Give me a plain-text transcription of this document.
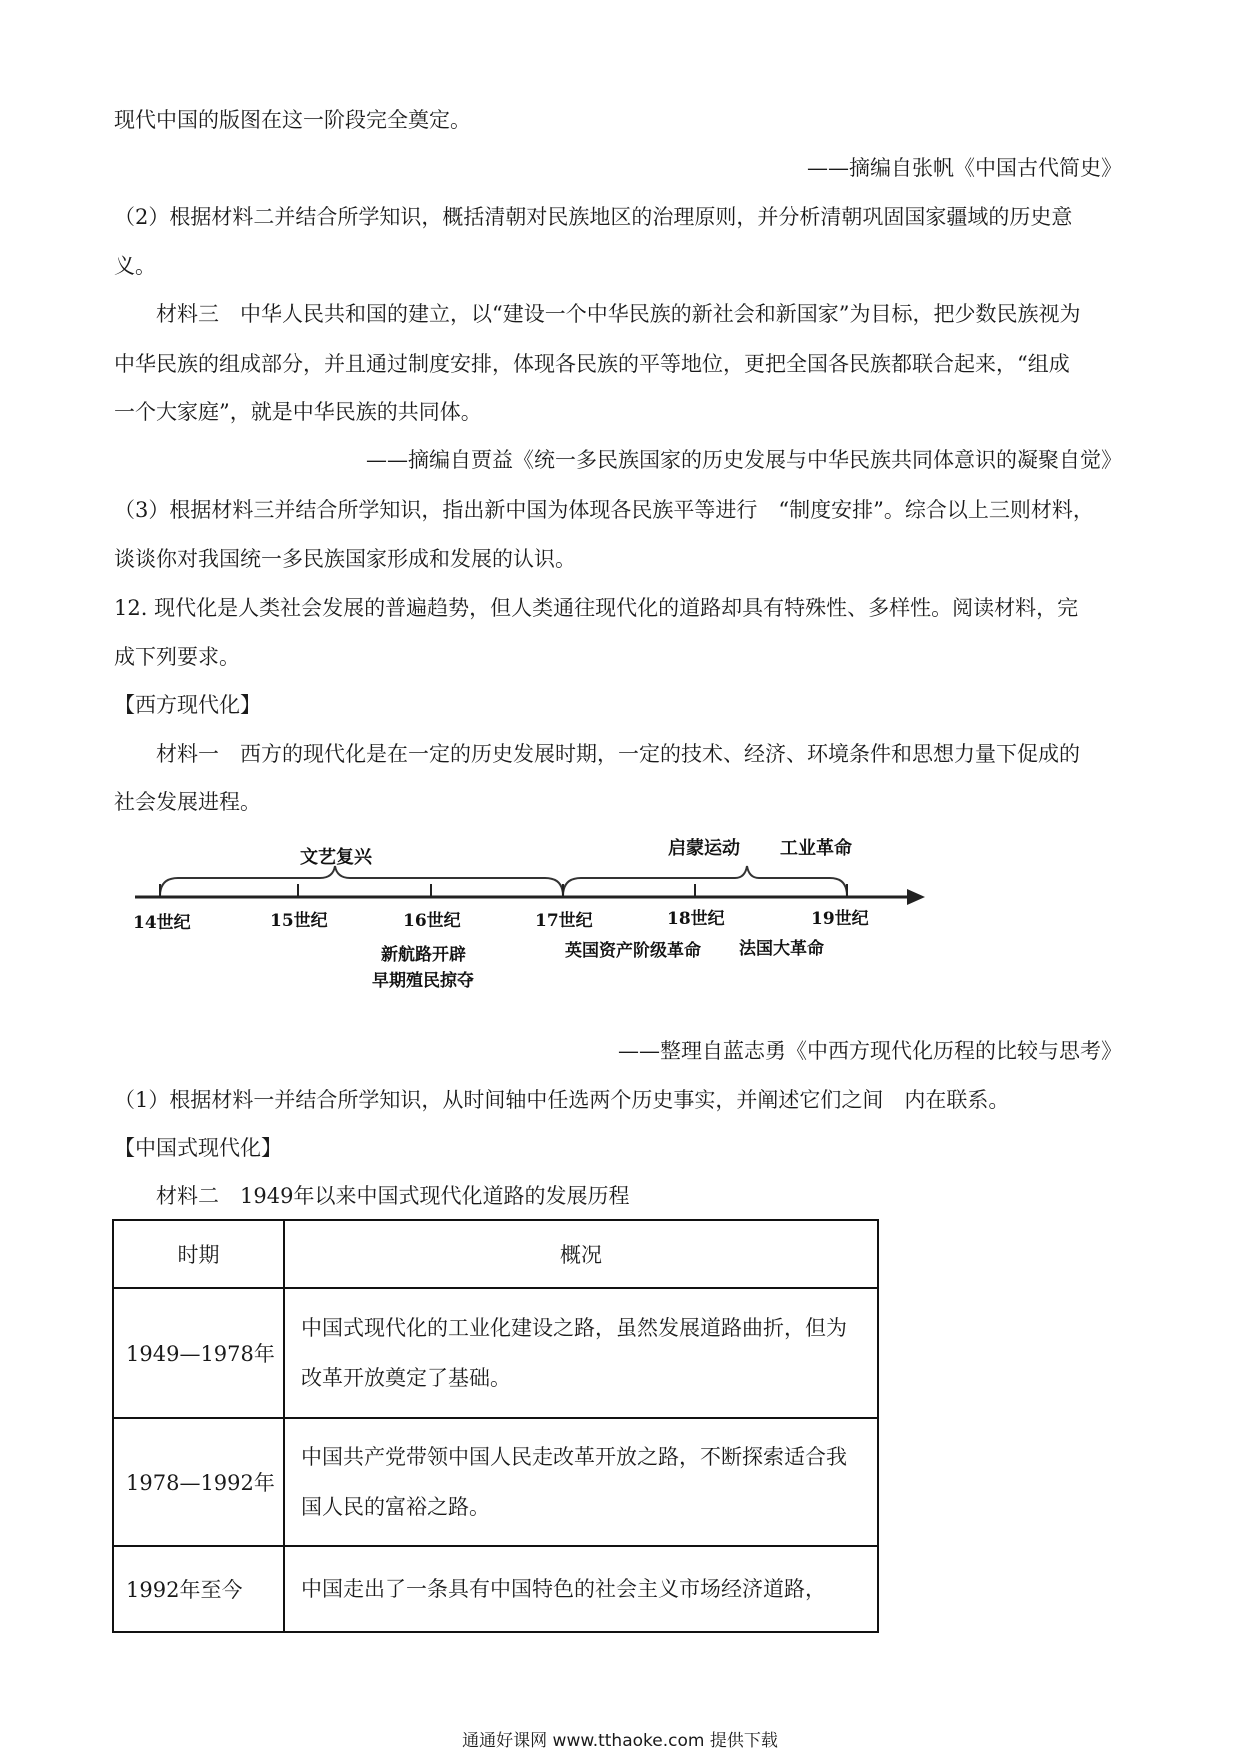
现代中国的版图在这一阶段完全奠定。
——摘编自张帆《中国古代简史》
（2）根据材料二并结合所学知识，概括清朝对民族地区的治理原则，并分析清朝巩固国家疆域的历史意
义。
材料三　中华人民共和国的建立，以“建设一个中华民族的新社会和新国家”为目标，把少数民族视为
中华民族的组成部分，并且通过制度安排，体现各民族的平等地位，更把全国各民族都联合起来，“组成
一个大家庭”，就是中华民族的共同体。
——摘编自贾益《统一多民族国家的历史发展与中华民族共同体意识的凝聚自觉》
（3）根据材料三并结合所学知识，指出新中国为体现各民族平等进行　“制度安排”。综合以上三则材料，
谈谈你对我国统一多民族国家形成和发展的认识。
12. 现代化是人类社会发展的普遍趋势，但人类通往现代化的道路却具有特殊性、多样性。阅读材料，完
成下列要求。
【西方现代化】
材料一　西方的现代化是在一定的历史发展时期，一定的技术、经济、环境条件和思想力量下促成的
社会发展进程。
文艺复兴	启蒙运动 工业革命
14世纪	15世纪	16世纪	17世纪	18世纪	19世纪
新航路开辟
早期殖民掠夺
英国资产阶级革命 法国大革命
——整理自蓝志勇《中西方现代化历程的比较与思考》
（1）根据材料一并结合所学知识，从时间轴中任选两个历史事实，并阐述它们之间　内在联系。
【中国式现代化】
材料二　1949年以来中国式现代化道路的发展历程
时期	概况
1949—1978年	中国式现代化的工业化建设之路，虽然发展道路曲折，但为改革开放奠定了基础。
1978—1992年	中国共产党带领中国人民走改革开放之路，不断探索适合我国人民的富裕之路。
1992年至今	中国走出了一条具有中国特色的社会主义市场经济道路，
通通好课网 www.tthaoke.com 提供下载
